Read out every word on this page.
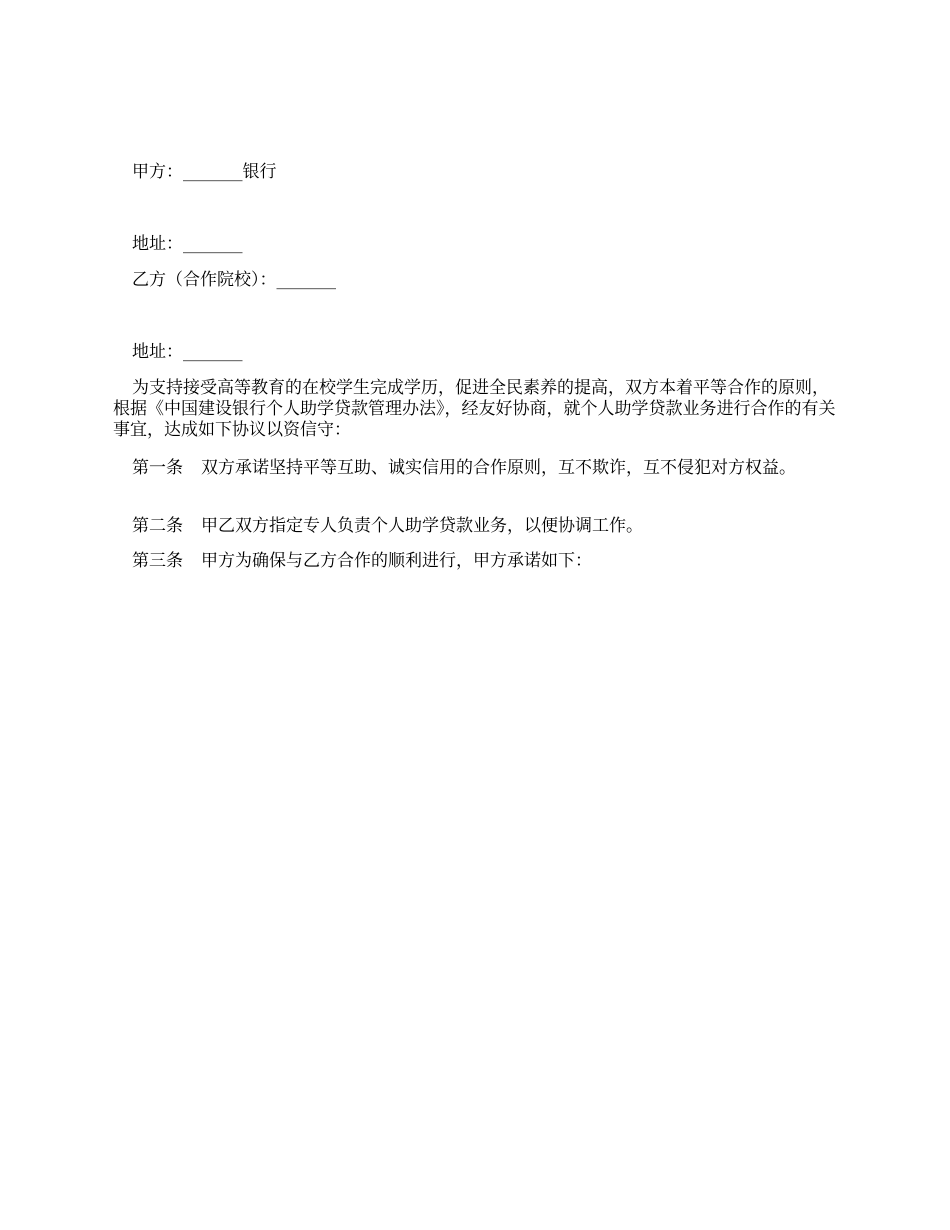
甲方：_______银行

地址：_______

乙方（合作院校）：_______

地址：_______

为支持接受高等教育的在校学生完成学历，促进全民素养的提高，双方本着平等合作的原则，根据《中国建设银行个人助学贷款管理办法》，经友好协商，就个人助学贷款业务进行合作的有关事宜，达成如下协议以资信守：

第一条 双方承诺坚持平等互助、诚实信用的合作原则，互不欺诈，互不侵犯对方权益。

第二条 甲乙双方指定专人负责个人助学贷款业务，以便协调工作。

第三条 甲方为确保与乙方合作的顺利进行，甲方承诺如下：
